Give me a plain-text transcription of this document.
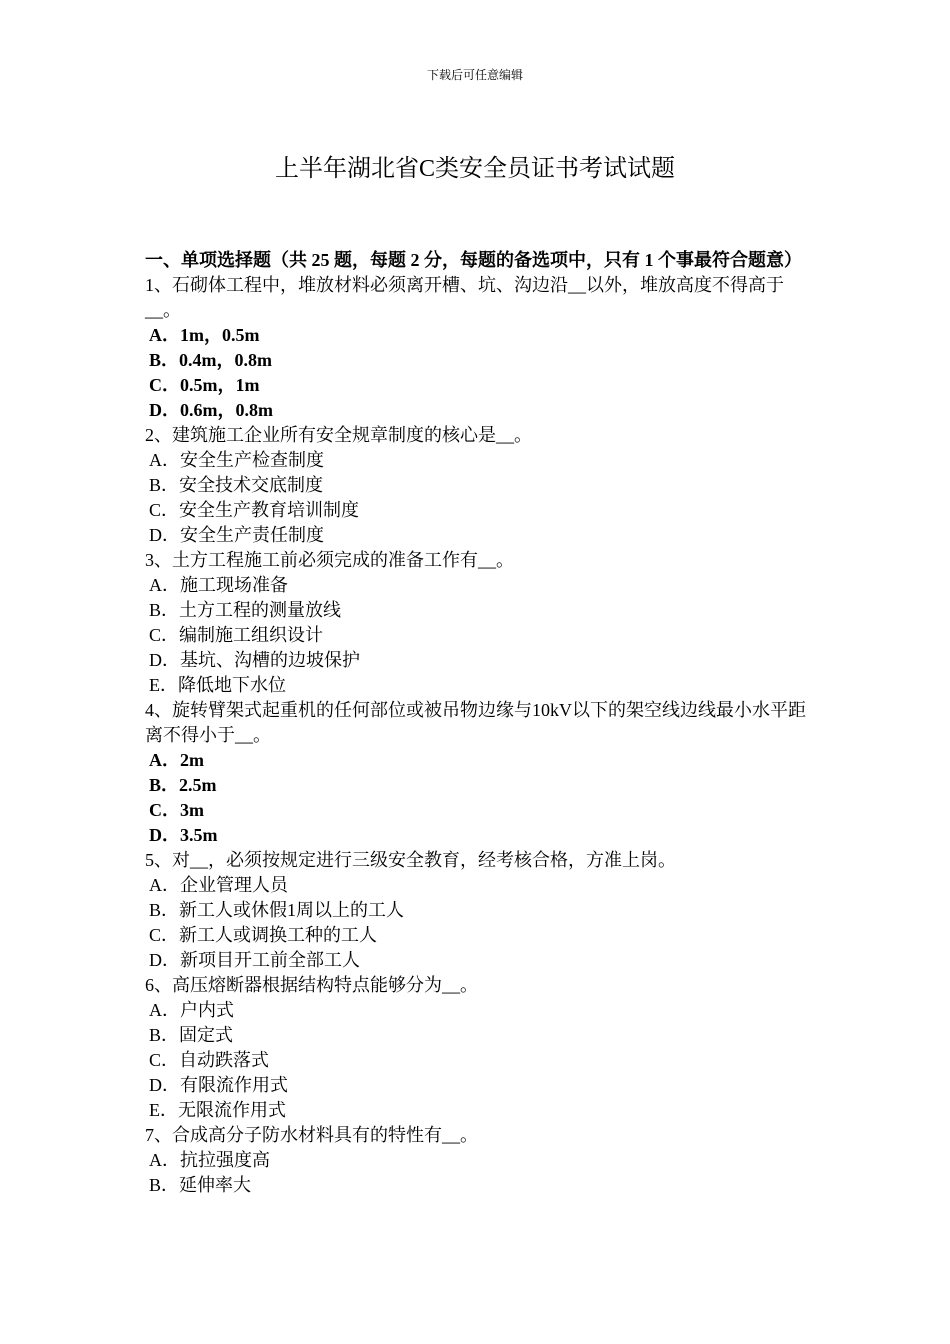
下载后可任意编辑
上半年湖北省C类安全员证书考试试题

一、单项选择题（共 25 题，每题 2 分，每题的备选项中，只有 1 个事最符合题意）

1、石砌体工程中，堆放材料必须离开槽、坑、沟边沿__以外，堆放高度不得高于__。

A．1m，0.5m

B．0.4m，0.8m

C．0.5m，1m

D．0.6m，0.8m

2、建筑施工企业所有安全规章制度的核心是__。

A．安全生产检查制度

B．安全技术交底制度

C．安全生产教育培训制度

D．安全生产责任制度

3、土方工程施工前必须完成的准备工作有__。

A．施工现场准备

B．土方工程的测量放线

C．编制施工组织设计

D．基坑、沟槽的边坡保护

E．降低地下水位

4、旋转臂架式起重机的任何部位或被吊物边缘与10kV以下的架空线边线最小水平距离不得小于__。

A．2m

B．2.5m

C．3m

D．3.5m

5、对__，必须按规定进行三级安全教育，经考核合格，方准上岗。

A．企业管理人员

B．新工人或休假1周以上的工人

C．新工人或调换工种的工人

D．新项目开工前全部工人

6、高压熔断器根据结构特点能够分为__。

A．户内式

B．固定式

C．自动跌落式

D．有限流作用式

E．无限流作用式

7、合成高分子防水材料具有的特性有__。

A．抗拉强度高

B．延伸率大
